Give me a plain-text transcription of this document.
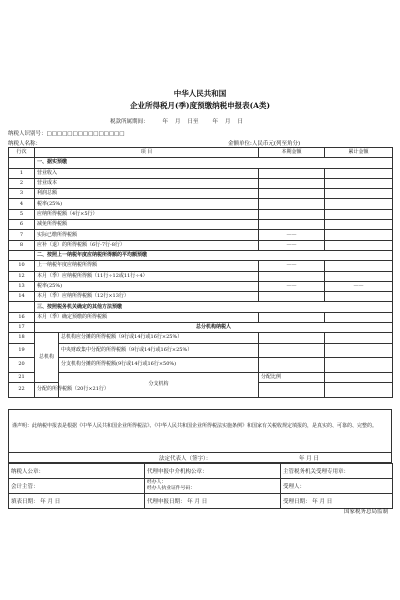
中华人民共和国
企业所得税月(季)度预缴纳税申报表(A类)
税款所属期间：        年    月    日至        年    月    日
纳税人识别号：□□□□□□□□□□□□□□□
纳税人名称：	金额单位:人民币元(列至角分)
行次	项 目		本期金额	累计金额	
	一、据实预缴				
1	营业收入				
2	营业成本				
3	利润总额				
4	税率(25%)				
5	应纳所得税额（4行×5行）				
6	减免所得税额				
7	实际已缴所得税额		——		
8	应补（退）的所得税额（6行-7行-8行）		——		
	二、按照上一纳税年度应纳税所得额的平均额预缴				
10	上一纳税年度应纳税所得额		——		
12	本月（季）应纳税所得额（11行÷12或11行÷4）				
13	税率(25%)		——	——	
14	本月（季）应纳所得税额（12行×13行）				
	三、按照税务机关确定的其他方法预缴				
16	本月（季）确定预缴的所得税额				
17	总分机构纳税人				
18	总机构	总机构应分摊的所得税额（9行或14行或16行×25%）			
19		中央财政集中分配的所得税额（9行或14行或16行×25%）			
20		分支机构分摊的所得税额(9行或14行或16行×50%)			
21		分支机构	分配比例		
22	分配的所得税额（20行×21行）				
谨声明：此纳税申报表是根据《中华人民共和国企业所得税法》、《中华人民共和国企业所得税法实施条例》和国家有关税收规定填报的，是真实的、可靠的、完整的。
法定代表人（签字）：	年 月 日
纳税人公章：	代理申报中介机构公章：	主管税务机关受理专用章：
会计主管：	经办人：
经办人执业证件号码：	受理人：
填表日期： 年 月 日	代理申报日期： 年 月 日	受理日期： 年 月 日
国家税务总局监制
